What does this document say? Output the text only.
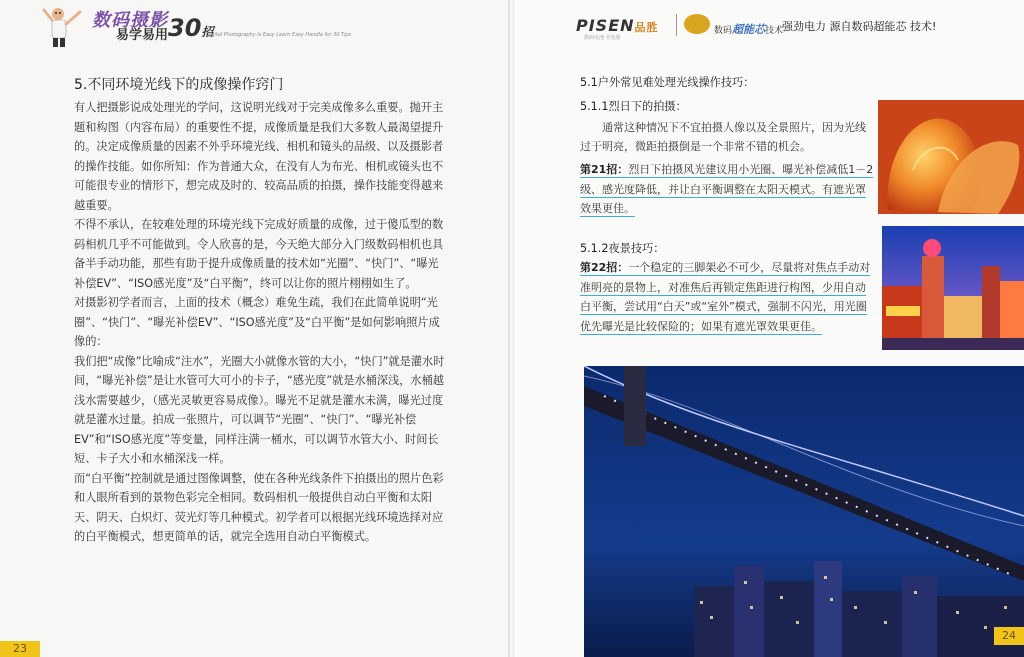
数码摄影
易学易用 30招
Digital Photography Is Easy Learn Easy Handle for 30 Tips
5.不同环境光线下的成像操作窍门

有人把摄影说成处理光的学问，这说明光线对于完美成像多么重要。抛开主题和构图（内容布局）的重要性不提，成像质量是我们大多数人最渴望提升的。决定成像质量的因素不外乎环境光线、相机和镜头的品级、以及摄影者的操作技能。如你所知：作为普通大众，在没有人为布光、相机或镜头也不可能很专业的情形下，想完成及时的、较高品质的拍摄，操作技能变得越来越重要。

不得不承认，在较难处理的环境光线下完成好质量的成像，过于傻瓜型的数码相机几乎不可能做到。令人欣喜的是，今天绝大部分入门级数码相机也具备半手动功能，那些有助于提升成像质量的技术如“光圈”、“快门”、“曝光补偿EV”、“ISO感光度”及“白平衡”，终可以让你的照片栩栩如生了。

对摄影初学者而言，上面的技术（概念）难免生疏，我们在此简单说明“光圈”、“快门”、“曝光补偿EV”、“ISO感光度”及“白平衡”是如何影响照片成像的：

我们把“成像”比喻成“注水”，光圈大小就像水管的大小，“快门”就是灌水时间，“曝光补偿”是让水管可大可小的卡子，“感光度”就是水桶深浅，水桶越浅水需要越少，（感光灵敏更容易成像）。曝光不足就是灌水未满，曝光过度就是灌水过量。拍成一张照片，可以调节“光圈”、“快门”、“曝光补偿EV”和“ISO感光度”等变量，同样注满一桶水，可以调节水管大小、时间长短、卡子大小和水桶深浅一样。

而“白平衡”控制就是通过图像调整，使在各种光线条件下拍摄出的照片色彩和人眼所看到的景物色彩完全相同。数码相机一般提供自动白平衡和太阳天、阴天、白炽灯、荧光灯等几种模式。初学者可以根据光线环境选择对应的白平衡模式，想更简单的话，就完全选用自动白平衡模式。

23
PISEN品胜
数码电池·充电器
数码超能芯技术
强劲电力 源自数码超能芯 技术!
5.1户外常见难处理光线操作技巧：
5.1.1烈日下的拍摄：
通常这种情况下不宜拍摄人像以及全景照片，因为光线过于明亮，微距拍摄倒是一个非常不错的机会。
第21招：烈日下拍摄风光建议用小光圈、曝光补偿减低1－2级、感光度降低，并让白平衡调整在太阳天模式。有遮光罩效果更佳。
5.1.2夜景技巧：
第22招：一个稳定的三脚架必不可少，尽量将对焦点手动对准明亮的景物上，对准焦后再锁定焦距进行构图，少用自动白平衡，尝试用“白天”或“室外”模式，强制不闪光，用光圈优先曝光是比较保险的；如果有遮光罩效果更佳。
24
